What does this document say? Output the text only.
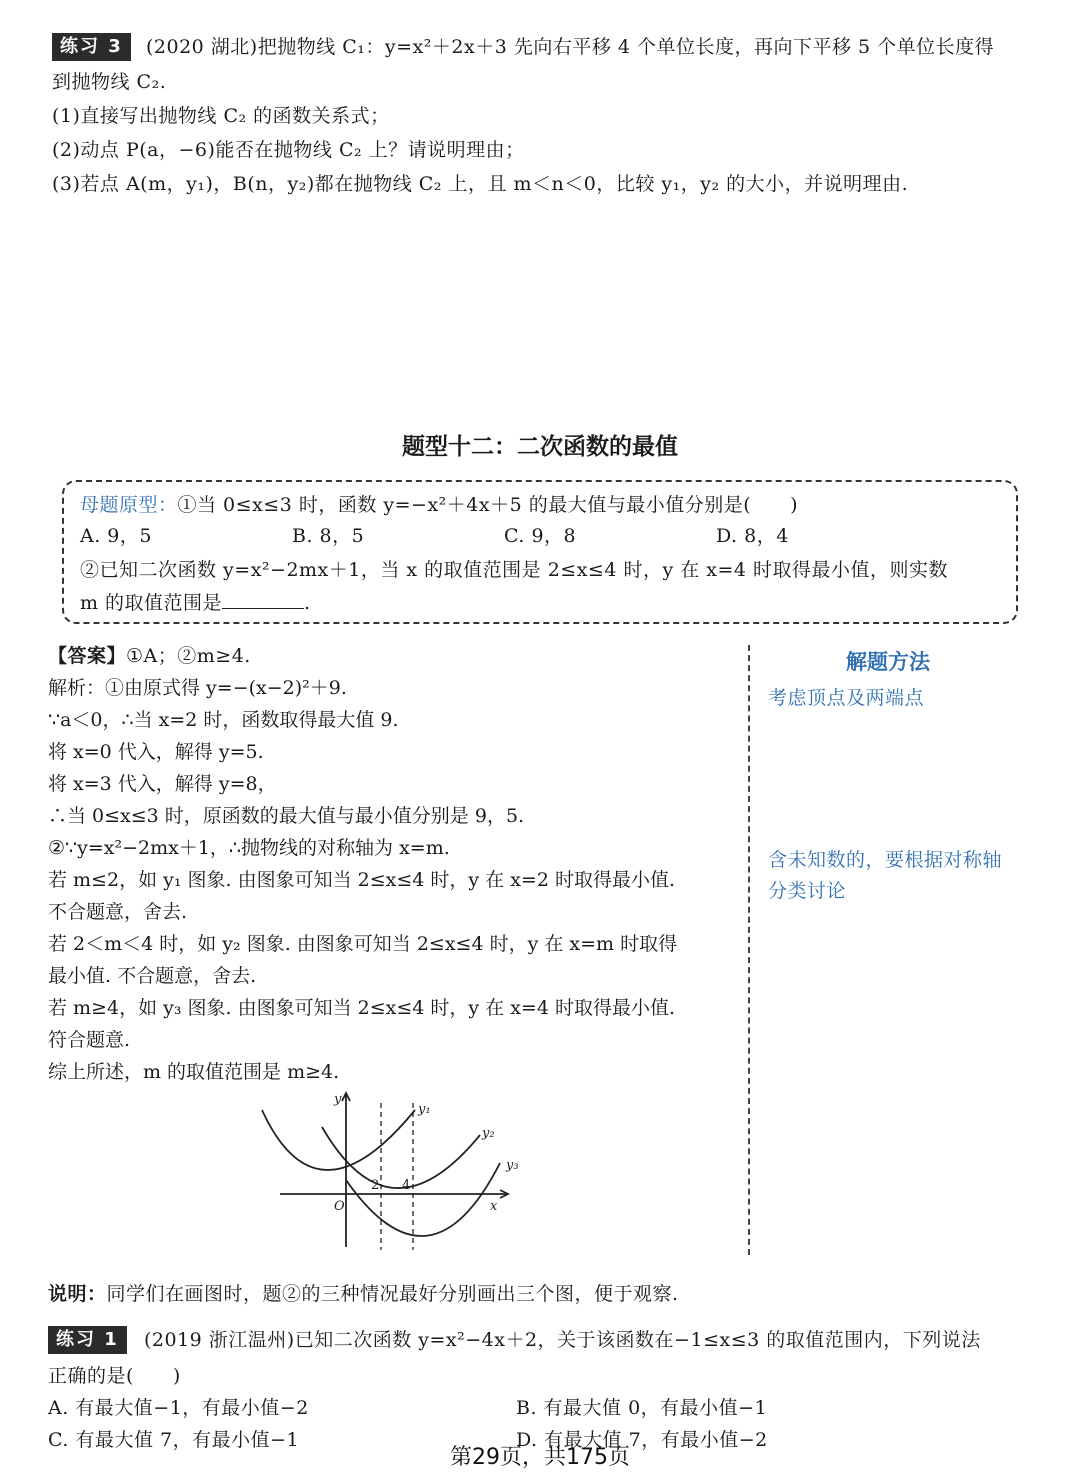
练习 3	(2020 湖北)把抛物线 C₁：y=x²＋2x＋3 先向右平移 4 个单位长度，再向下平移 5 个单位长度得
到抛物线 C₂.
(1)直接写出抛物线 C₂ 的函数关系式；
(2)动点 P(a，−6)能否在抛物线 C₂ 上？请说明理由；
(3)若点 A(m，y₁)，B(n，y₂)都在抛物线 C₂ 上，且 m＜n＜0，比较 y₁，y₂ 的大小，并说明理由.
题型十二：二次函数的最值
母题原型：①当 0≤x≤3 时，函数 y=−x²＋4x＋5 的最大值与最小值分别是(　　)
A. 9，5	B. 8，5	C. 9，8	D. 8，4
②已知二次函数 y=x²−2mx＋1，当 x 的取值范围是 2≤x≤4 时，y 在 x=4 时取得最小值，则实数
m 的取值范围是	.
【答案】①A；②m≥4.
解析：①由原式得 y=−(x−2)²＋9.
∵a＜0，∴当 x=2 时，函数取得最大值 9.
将 x=0 代入，解得 y=5.
将 x=3 代入，解得 y=8，
∴当 0≤x≤3 时，原函数的最大值与最小值分别是 9，5.
②∵y=x²−2mx＋1，∴抛物线的对称轴为 x=m.
若 m≤2，如 y₁ 图象. 由图象可知当 2≤x≤4 时，y 在 x=2 时取得最小值.
不合题意，舍去.
若 2＜m＜4 时，如 y₂ 图象. 由图象可知当 2≤x≤4 时，y 在 x=m 时取得
最小值. 不合题意，舍去.
若 m≥4，如 y₃ 图象. 由图象可知当 2≤x≤4 时，y 在 x=4 时取得最小值.
符合题意.
综上所述，m 的取值范围是 m≥4.
解题方法
考虑顶点及两端点
含未知数的，要根据对称轴
分类讨论
y
x
O
2 4
y₁
y₂
y₃
说明：同学们在画图时，题②的三种情况最好分别画出三个图，便于观察.
练习 1	(2019 浙江温州)已知二次函数 y=x²−4x＋2，关于该函数在−1≤x≤3 的取值范围内，下列说法
正确的是(　　)
A. 有最大值−1，有最小值−2	B. 有最大值 0，有最小值−1
C. 有最大值 7，有最小值−1	D. 有最大值 7，有最小值−2
第29页，共175页
